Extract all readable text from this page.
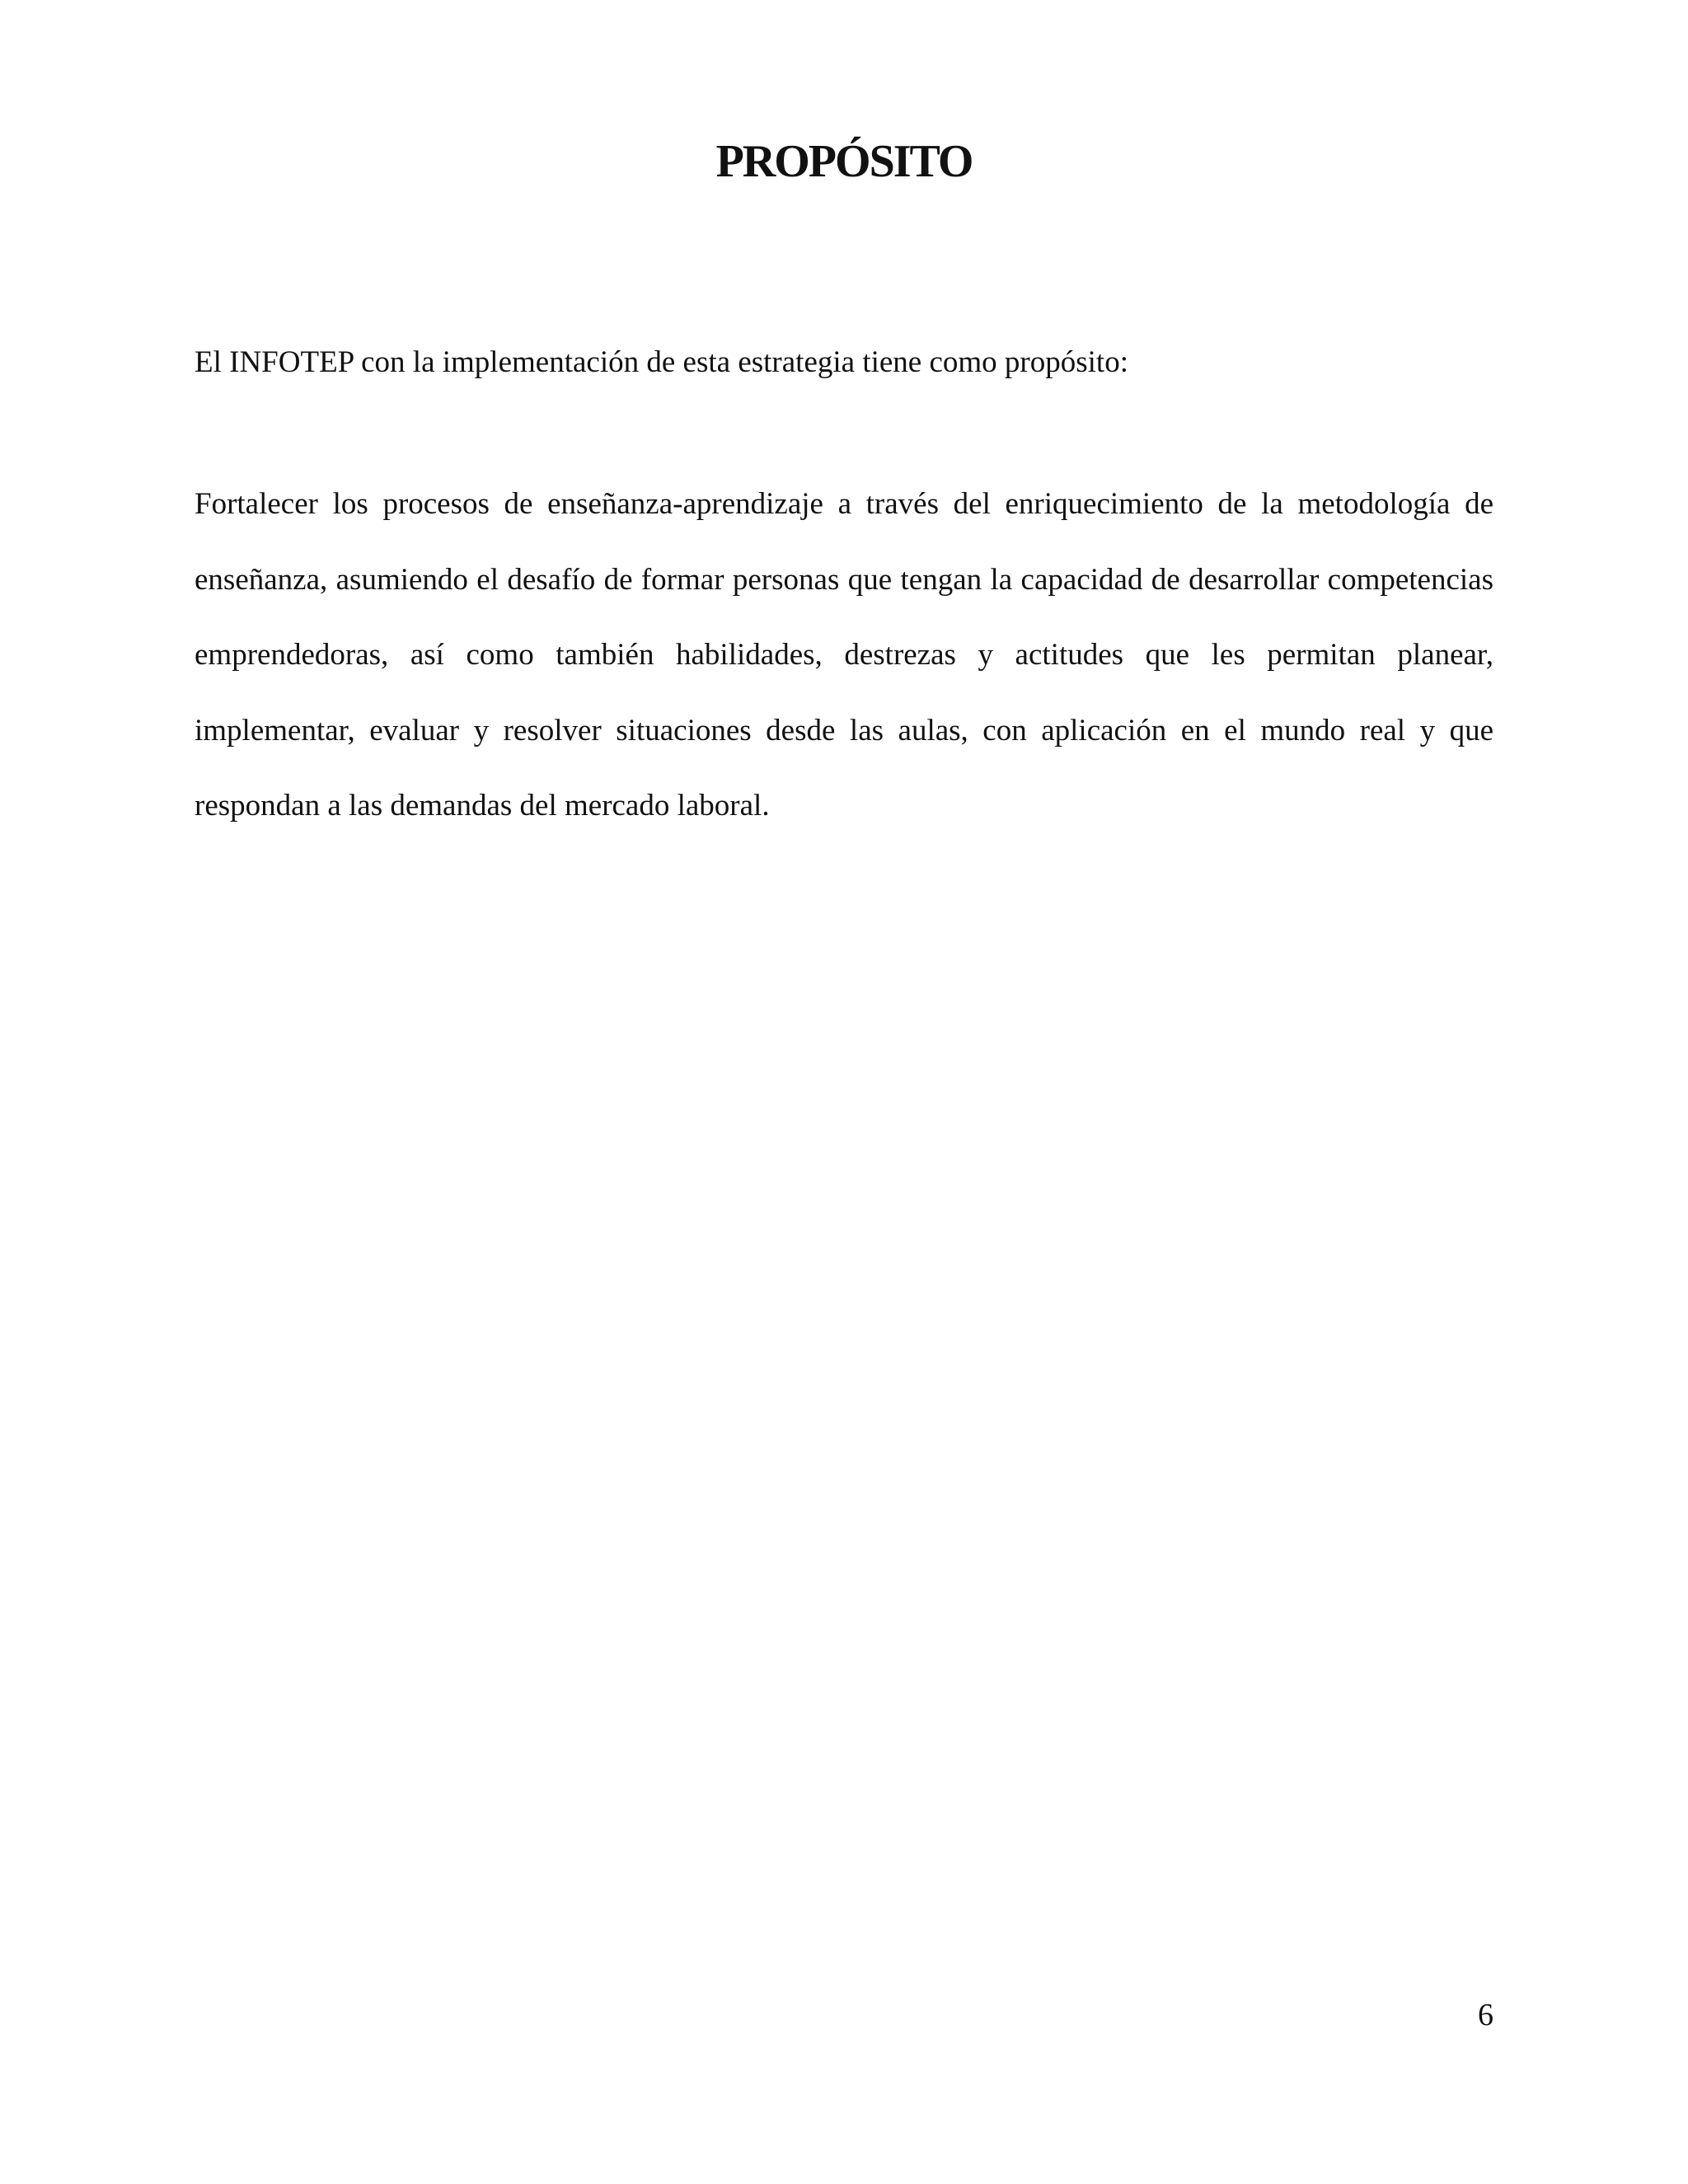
PROPÓSITO

El INFOTEP con la implementación de esta estrategia tiene como propósito:

Fortalecer los procesos de enseñanza-aprendizaje a través del enriquecimiento de la metodología de enseñanza, asumiendo el desafío de formar personas que tengan la capacidad de desarrollar competencias emprendedoras, así como también habilidades, destrezas y actitudes que les permitan planear, implementar, evaluar y resolver situaciones desde las aulas, con aplicación en el mundo real y que respondan a las demandas del mercado laboral.

6
